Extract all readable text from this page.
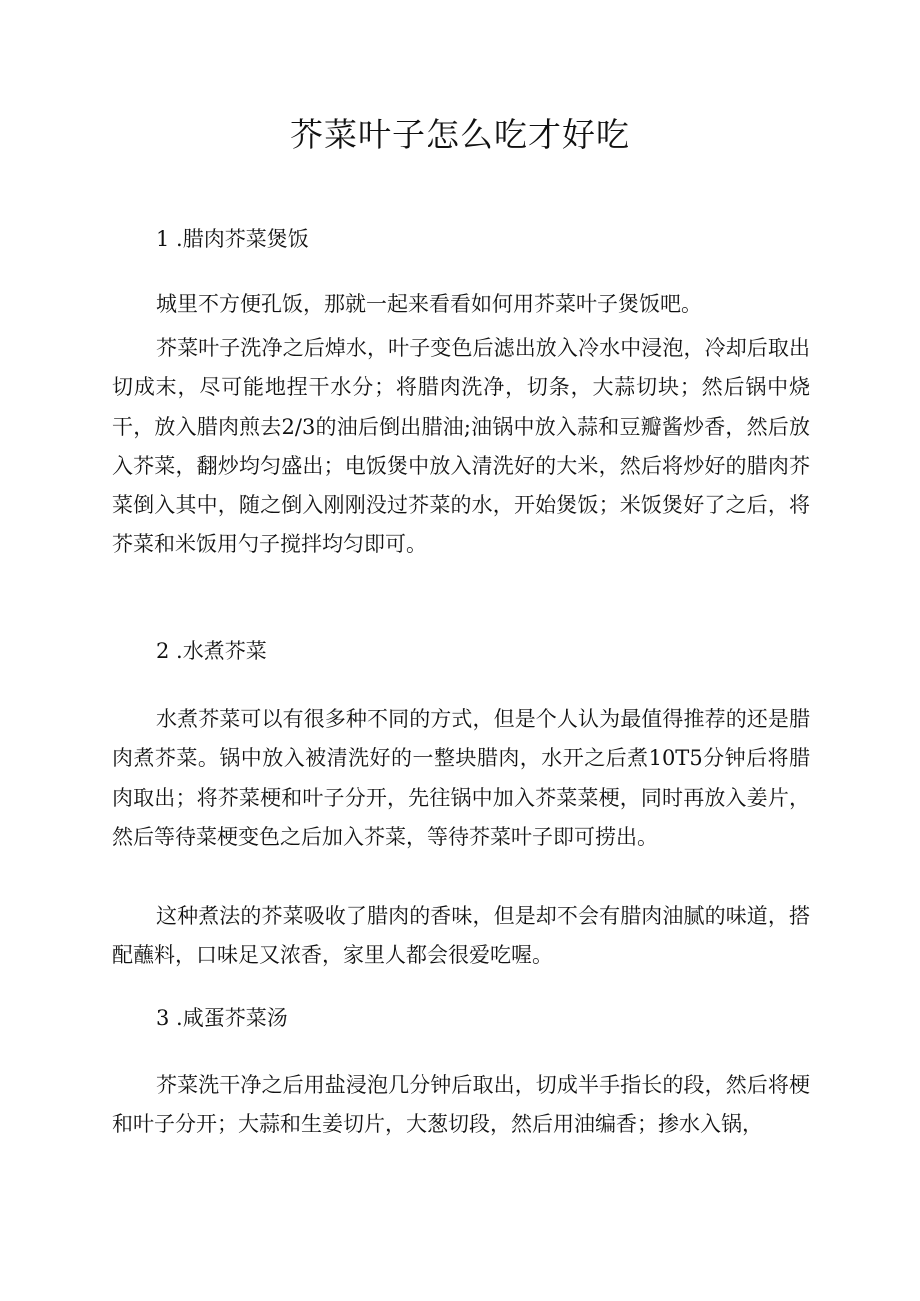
芥菜叶子怎么吃才好吃
1 .腊肉芥菜煲饭

城里不方便孔饭，那就一起来看看如何用芥菜叶子煲饭吧。

芥菜叶子洗净之后焯水，叶子变色后滤出放入冷水中浸泡，冷却后取出切成末，尽可能地捏干水分；将腊肉洗净，切条，大蒜切块；然后锅中烧干，放入腊肉煎去2/3的油后倒出腊油;油锅中放入蒜和豆瓣酱炒香，然后放入芥菜，翻炒均匀盛出；电饭煲中放入清洗好的大米，然后将炒好的腊肉芥菜倒入其中，随之倒入刚刚没过芥菜的水，开始煲饭；米饭煲好了之后，将芥菜和米饭用勺子搅拌均匀即可。

2 .水煮芥菜

水煮芥菜可以有很多种不同的方式，但是个人认为最值得推荐的还是腊肉煮芥菜。锅中放入被清洗好的一整块腊肉，水开之后煮10T5分钟后将腊肉取出；将芥菜梗和叶子分开，先往锅中加入芥菜菜梗，同时再放入姜片，然后等待菜梗变色之后加入芥菜，等待芥菜叶子即可捞出。

这种煮法的芥菜吸收了腊肉的香味，但是却不会有腊肉油腻的味道，搭配蘸料，口味足又浓香，家里人都会很爱吃喔。

3 .咸蛋芥菜汤

芥菜洗干净之后用盐浸泡几分钟后取出，切成半手指长的段，然后将梗和叶子分开；大蒜和生姜切片，大葱切段，然后用油编香；掺水入锅，
